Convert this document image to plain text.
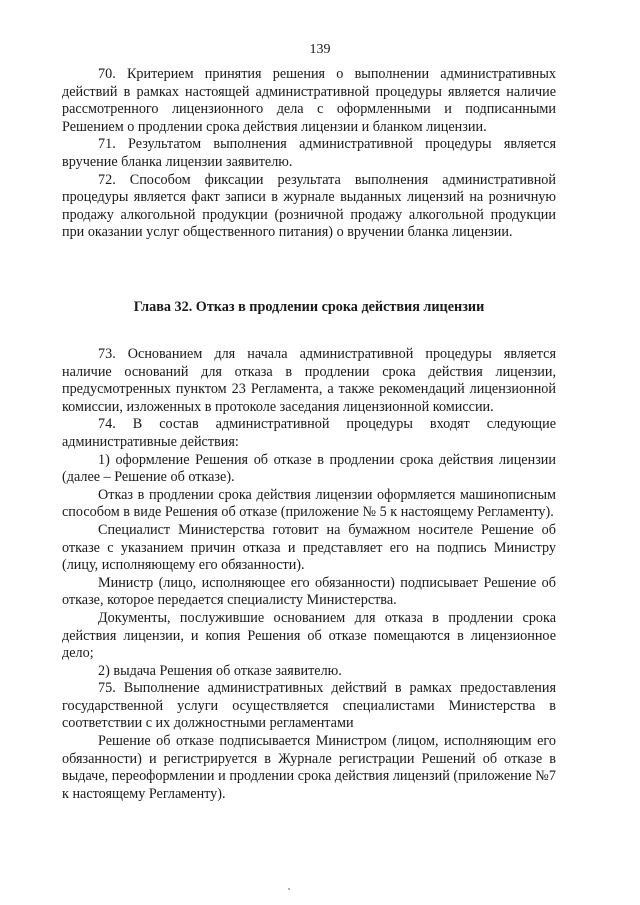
139

70. Критерием принятия решения о выполнении административных действий в рамках настоящей административной процедуры является наличие рассмотренного лицензионного дела с оформленными и подписанными Решением о продлении срока действия лицензии и бланком лицензии.

71. Результатом выполнения административной процедуры является вручение бланка лицензии заявителю.

72. Способом фиксации результата выполнения административной процедуры является факт записи в журнале выданных лицензий на розничную продажу алкогольной продукции (розничной продажу алкогольной продукции при оказании услуг общественного питания) о вручении бланка лицензии.

Глава 32. Отказ в продлении срока действия лицензии

73. Основанием для начала административной процедуры является наличие оснований для отказа в продлении срока действия лицензии, предусмотренных пунктом 23 Регламента, а также рекомендаций лицензионной комиссии, изложенных в протоколе заседания лицензионной комиссии.

74. В состав административной процедуры входят следующие административные действия:

1) оформление Решения об отказе в продлении срока действия лицензии (далее – Решение об отказе).

Отказ в продлении срока действия лицензии оформляется машинописным способом в виде Решения об отказе (приложение № 5 к настоящему Регламенту).

Специалист Министерства готовит на бумажном носителе Решение об отказе с указанием причин отказа и представляет его на подпись Министру (лицу, исполняющему его обязанности).

Министр (лицо, исполняющее его обязанности) подписывает Решение об отказе, которое передается специалисту Министерства.

Документы, послужившие основанием для отказа в продлении срока действия лицензии, и копия Решения об отказе помещаются в лицензионное дело;

2) выдача Решения об отказе заявителю.

75. Выполнение административных действий в рамках предоставления государственной услуги осуществляется специалистами Министерства в соответствии с их должностными регламентами

Решение об отказе подписывается Министром (лицом, исполняющим его обязанности) и регистрируется в Журнале регистрации Решений об отказе в выдаче, переоформлении и продлении срока действия лицензий (приложение №7 к настоящему Регламенту).
